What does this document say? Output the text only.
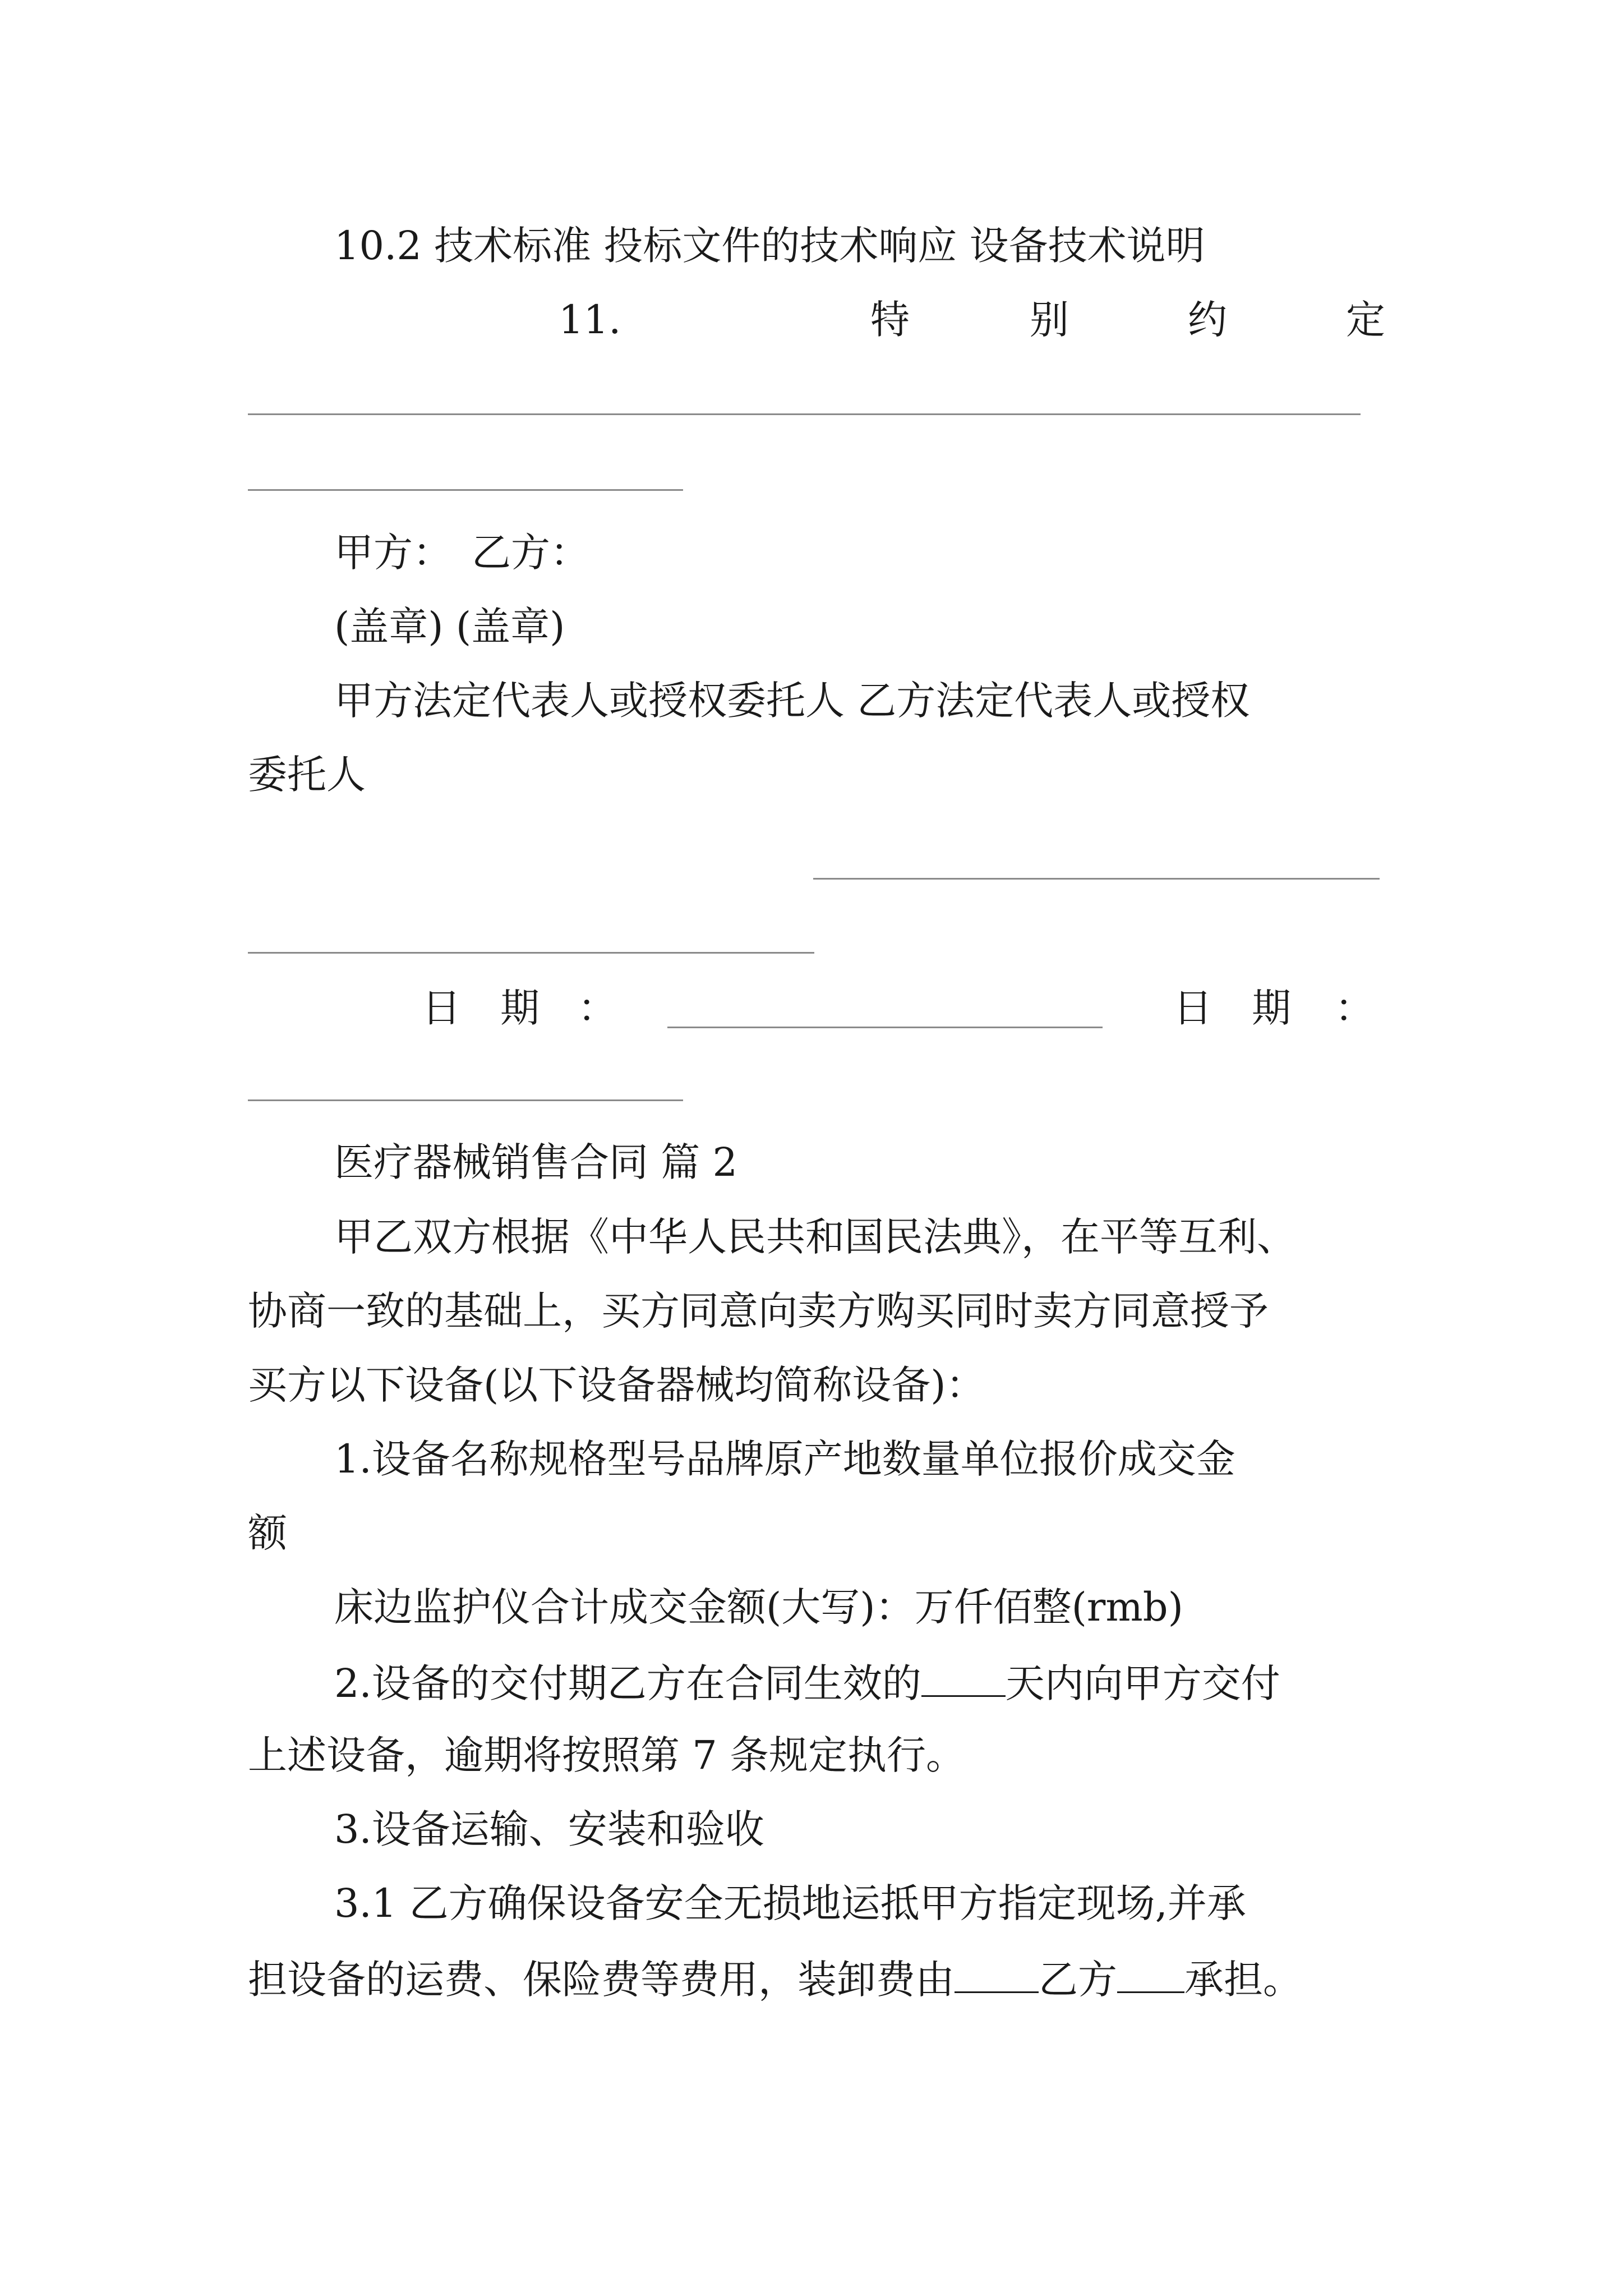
10.2 技术标准 投标文件的技术响应 设备技术说明
11.	特	别	约	定
甲方：　乙方：
(盖章) (盖章)
甲方法定代表人或授权委托人 乙方法定代表人或授权
委托人
日 期 ：	日 期 ：
医疗器械销售合同 篇 2
甲乙双方根据《中华人民共和国民法典》，在平等互利、
协商一致的基础上，买方同意向卖方购买同时卖方同意授予
买方以下设备(以下设备器械均简称设备)：
1.设备名称规格型号品牌原产地数量单位报价成交金
额
床边监护仪合计成交金额(大写)：万仟佰整(rmb)
2.设备的交付期乙方在合同生效的 天内向甲方交付
上述设备，逾期将按照第 7 条规定执行。
3.设备运输、安装和验收
3.1 乙方确保设备安全无损地运抵甲方指定现场,并承
担设备的运费、保险费等费用，装卸费由 乙方 承担。
